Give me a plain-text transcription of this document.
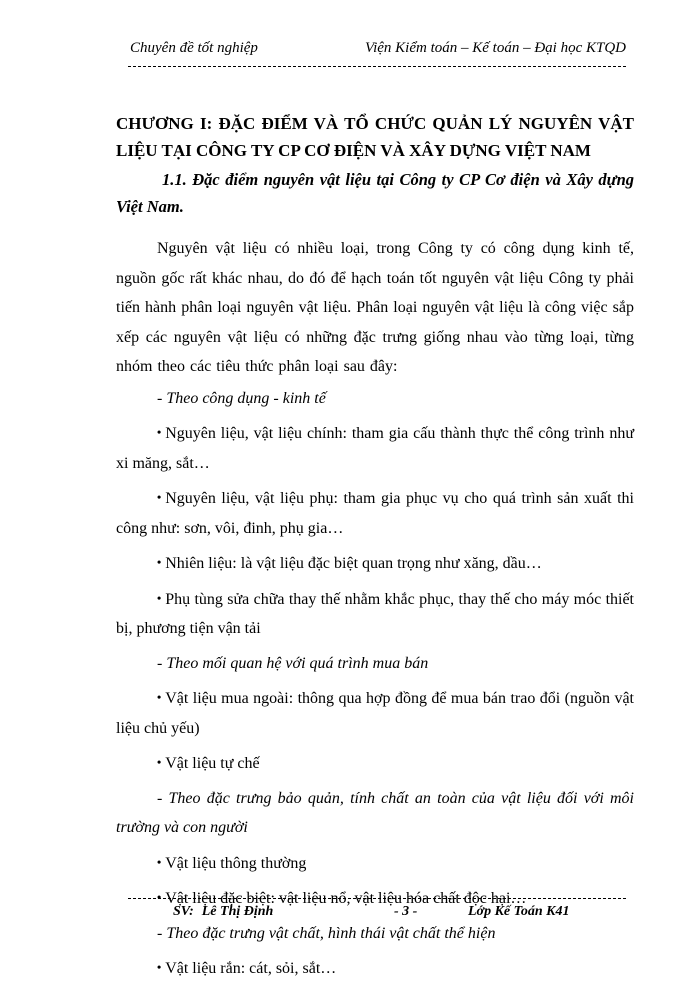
Chuyên đề tốt nghiệp	Viện Kiểm toán – Kế toán – Đại học KTQD

CHƯƠNG I: ĐẶC ĐIỂM VÀ TỔ CHỨC QUẢN LÝ NGUYÊN VẬT

LIỆU TẠI CÔNG TY CP CƠ ĐIỆN VÀ XÂY DỰNG VIỆT NAM

1.1. Đặc điểm nguyên vật liệu tại Công ty CP Cơ điện và Xây dựng Việt Nam.

Nguyên vật liệu có nhiều loại, trong Công ty có công dụng kinh tế, nguồn gốc rất khác nhau, do đó để hạch toán tốt nguyên vật liệu Công ty phải tiến hành phân loại nguyên vật liệu. Phân loại nguyên vật liệu là công việc sắp xếp các nguyên vật liệu có những đặc trưng giống nhau vào từng loại, từng nhóm theo các tiêu thức phân loại sau đây:

- Theo công dụng - kinh tế

• Nguyên liệu, vật liệu chính: tham gia cấu thành thực thể công trình như xi măng, sắt…

• Nguyên liệu, vật liệu phụ: tham gia phục vụ cho quá trình sản xuất thi công như: sơn, vôi, đinh, phụ gia…

• Nhiên liệu: là vật liệu đặc biệt quan trọng như xăng, dầu…

• Phụ tùng sửa chữa thay thế nhằm khắc phục, thay thế cho máy móc thiết bị, phương tiện vận tải

- Theo mối quan hệ với quá trình mua bán

• Vật liệu mua ngoài: thông qua hợp đồng để mua bán trao đổi (nguồn vật liệu chủ yếu)

• Vật liệu tự chế

- Theo đặc trưng bảo quản, tính chất an toàn của vật liệu đối với môi trường và con người

• Vật liệu thông thường

• Vật liệu đặc biệt: vật liệu nổ, vật liệu hóa chất độc hại…

- Theo đặc trưng vật chất, hình thái vật chất thể hiện

• Vật liệu rắn: cát, sỏi, sắt…

SV: Lê Thị Định	- 3 -	Lớp Kế Toán K41
